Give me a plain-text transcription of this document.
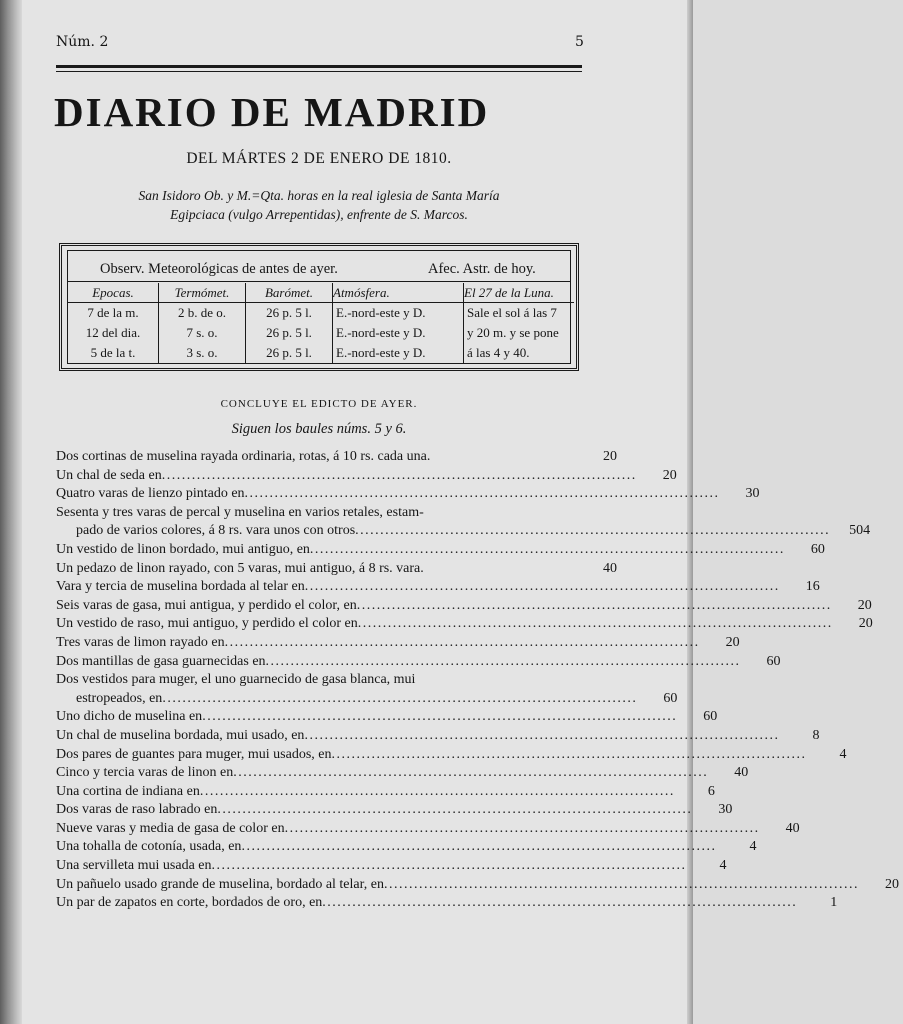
Núm. 2	5
DIARIO DE MADRID
DEL MÁRTES 2 DE ENERO DE 1810.
San Isidoro Ob. y M.=Qta. horas en la real iglesia de Santa María
Egipciaca (vulgo Arrepentidas), enfrente de S. Marcos.
Observ. Meteorológicas de antes de ayer.	Afec. Astr. de hoy.
Epocas.	Termómet.	Barómet.	Atmósfera.	El 27 de la Luna.
7 de la m.	2 b. de o.	26 p. 5 l.	E.-nord-este y D.	Sale el sol á las 7
12 del dia.	7 s. o.	26 p. 5 l.	E.-nord-este y D.	y 20 m. y se pone
5 de la t.	3 s. o.	26 p. 5 l.	E.-nord-este y D.	á las 4 y 40.
CONCLUYE EL EDICTO DE AYER.
Siguen los baules núms. 5 y 6.
Dos cortinas de muselina rayada ordinaria, rotas, á 10 rs. cada una.	20
Un chal de seda en .....	20
Quatro varas de lienzo pintado en .....	30
Sesenta y tres varas de percal y muselina en varios retales, estam-
pado de varios colores, á 8 rs. vara unos con otros .....	504
Un vestido de linon bordado, mui antiguo, en .....	60
Un pedazo de linon rayado, con 5 varas, mui antiguo, á 8 rs. vara.	40
Vara y tercia de muselina bordada al telar en .....	16
Seis varas de gasa, mui antigua, y perdido el color, en .....	20
Un vestido de raso, mui antiguo, y perdido el color en .....	20
Tres varas de limon rayado en .....	20
Dos mantillas de gasa guarnecidas en .....	60
Dos vestidos para muger, el uno guarnecido de gasa blanca, mui
estropeados, en .....	60
Uno dicho de muselina en .....	60
Un chal de muselina bordada, mui usado, en .....	8
Dos pares de guantes para muger, mui usados, en .....	4
Cinco y tercia varas de linon en .....	40
Una cortina de indiana en .....	6
Dos varas de raso labrado en .....	30
Nueve varas y media de gasa de color en .....	40
Una tohalla de cotonía, usada, en .....	4
Una servilleta mui usada en .....	4
Un pañuelo usado grande de muselina, bordado al telar, en .....	20
Un par de zapatos en corte, bordados de oro, en .....	1
